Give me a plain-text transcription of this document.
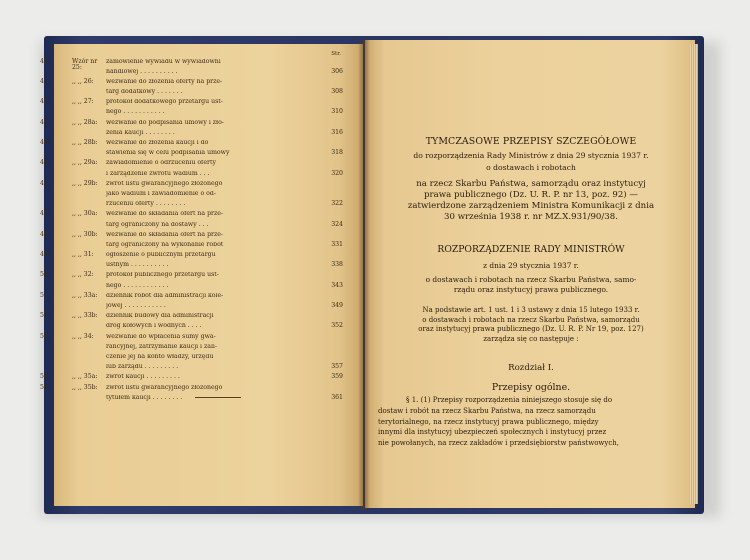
Str.
40.	Wzór nr 25:
zamówienie wywiadu w wywiadowni
handlowej . . . . . . . . . .	306
41.	,, ,, 26:	wezwanie do złożenia oferty na prze-
targ dodatkowy . . . . . . .	308
42.	,, ,, 27:	protokół dodatkowego przetargu ust-
nego . . . . . . . . . . .	310
43.	,, ,, 28a:	wezwanie do podpisania umowy i zło-
żenia kaucji . . . . . . . .	316
44.	,, ,, 28b:	wezwanie do złożenia kaucji i do
stawienia się w celu podpisania umowy	318
45.	,, ,, 29a:	zawiadomienie o odrzuceniu oferty
i zarządzenie zwrotu wadium . . .	320
46.	,, ,, 29b:	zwrot listu gwarancyjnego złożonego
jako wadium i zawiadomienie o od-
rzuceniu oferty . . . . . . . .	322
47.	,, ,, 30a:	wezwanie do składania ofert na prze-
targ ograniczony na dostawy . . .	324
48.	,, ,, 30b:	wezwanie do składania ofert na prze-
targ ograniczony na wykonanie robót	331
49.	,, ,, 31:	ogłoszenie o publicznym przetargu
ustnym . . . . . . . . . .	338
50.	,, ,, 32:	protokół publicznego przetargu ust-
nego . . . . . . . . . . . .	343
51.	,, ,, 33a:	dziennik robót dla administracji kole-
jowej . . . . . . . . . . .	349
52.	,, ,, 33b:	dziennik budowy dla administracji
dróg kołowych i wodnych . . . .	352
53.	,, ,, 34:	wezwanie do wpłacenia sumy gwa-
rancyjnej, zatrzymanie kaucji i zali-
czenie jej na konto władzy, urzędu
lub zarządu . . . . . . . . .	357
54.	,, ,, 35a:	zwrot kaucji . . . . . . . . .	359
55.	,, ,, 35b:	zwrot listu gwarancyjnego złożonego
tytułem kaucji . . . . . . . .	361
TYMCZASOWE PRZEPISY SZCZEGÓŁOWE
do rozporządzenia Rady Ministrów z dnia 29 stycznia 1937 r.
o dostawach i robotach
na rzecz Skarbu Państwa, samorządu oraz instytucyj
prawa publicznego (Dz. U. R. P. nr 13, poz. 92) —
zatwierdzone zarządzeniem Ministra Komunikacji z dnia
30 września 1938 r. nr MZ.X.931/90/38.
ROZPORZĄDZENIE RADY MINISTRÓW
z dnia 29 stycznia 1937 r.
o dostawach i robotach na rzecz Skarbu Państwa, samo-
rządu oraz instytucyj prawa publicznego.
Na podstawie art. 1 ust. 1 i 3 ustawy z dnia 15 lutego 1933 r.
o dostawach i robotach na rzecz Skarbu Państwa, samorządu
oraz instytucyj prawa publicznego (Dz. U. R. P. Nr 19, poz. 127)
zarządza się co następuje :
Rozdział I.
Przepisy ogólne.
§ 1. (1) Przepisy rozporządzenia niniejszego stosuje się do
dostaw i robót na rzecz Skarbu Państwa, na rzecz samorządu
terytorialnego, na rzecz instytucyj prawa publicznego, między
innymi dla instytucyj ubezpieczeń społecznych i instytucyj przez
nie powołanych, na rzecz zakładów i przedsiębiorstw państwowych,
